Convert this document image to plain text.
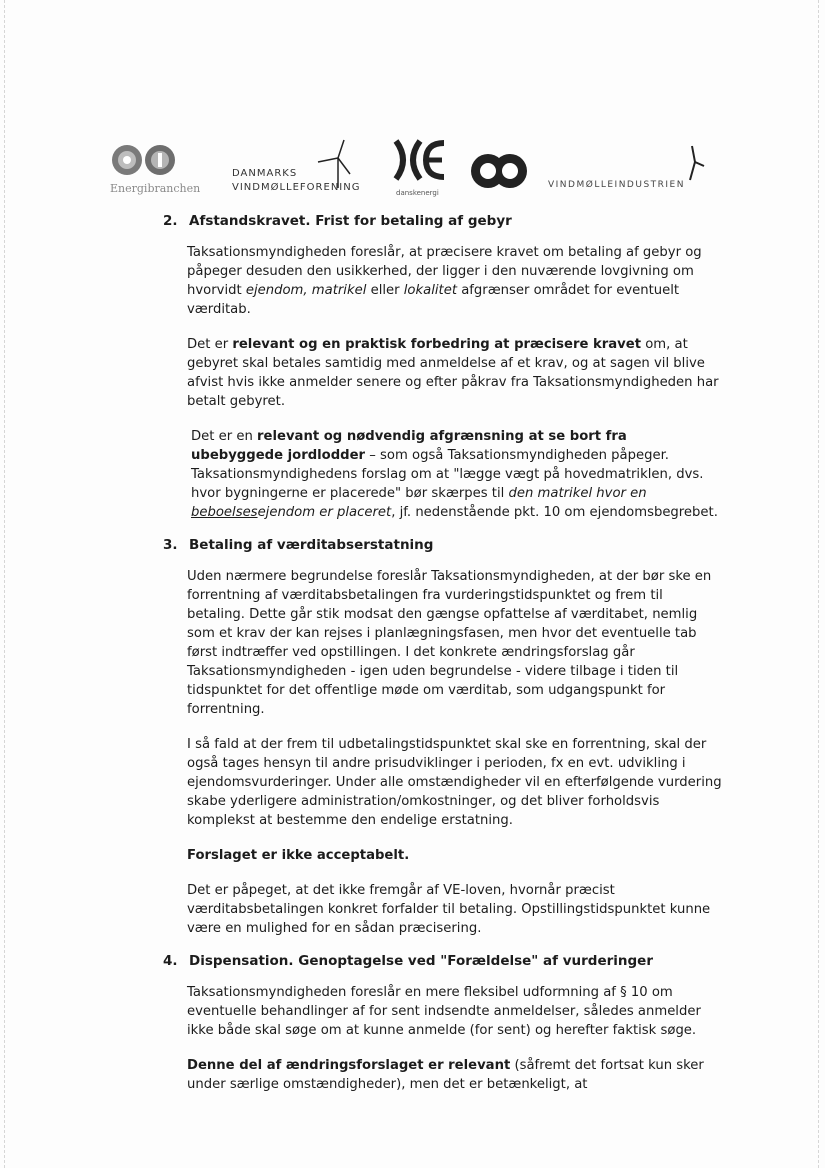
Energibranchen
DANMARKS
VINDMØLLEFORENING	danskenergi
VINDMØLLEINDUSTRIEN
2. Afstandskravet. Frist for betaling af gebyr

Taksationsmyndigheden foreslår, at præcisere kravet om betaling af gebyr og påpeger desuden den usikkerhed, der ligger i den nuværende lovgivning om hvorvidt ejendom, matrikel eller lokalitet afgrænser området for eventuelt værditab.

Det er relevant og en praktisk forbedring at præcisere kravet om, at gebyret skal betales samtidig med anmeldelse af et krav, og at sagen vil blive afvist hvis ikke anmelder senere og efter påkrav fra Taksationsmyndigheden har betalt gebyret.

Det er en relevant og nødvendig afgrænsning at se bort fra ubebyggede jordlodder – som også Taksationsmyndigheden påpeger. Taksationsmyndighedens forslag om at "lægge vægt på hovedmatriklen, dvs. hvor bygningerne er placerede" bør skærpes til den matrikel hvor en beboelsesejendom er placeret, jf. nedenstående pkt. 10 om ejendomsbegrebet.

3. Betaling af værditabserstatning

Uden nærmere begrundelse foreslår Taksationsmyndigheden, at der bør ske en forrentning af værditabsbetalingen fra vurderingstidspunktet og frem til betaling. Dette går stik modsat den gængse opfattelse af værditabet, nemlig som et krav der kan rejses i planlægningsfasen, men hvor det eventuelle tab først indtræffer ved opstillingen. I det konkrete ændringsforslag går Taksationsmyndigheden - igen uden begrundelse - videre tilbage i tiden til tidspunktet for det offentlige møde om værditab, som udgangspunkt for forrentning.

I så fald at der frem til udbetalingstidspunktet skal ske en forrentning, skal der også tages hensyn til andre prisudviklinger i perioden, fx en evt. udvikling i ejendomsvurderinger. Under alle omstændigheder vil en efterfølgende vurdering skabe yderligere administration/omkostninger, og det bliver forholdsvis komplekst at bestemme den endelige erstatning.

Forslaget er ikke acceptabelt.

Det er påpeget, at det ikke fremgår af VE-loven, hvornår præcist værditabsbetalingen konkret forfalder til betaling. Opstillingstidspunktet kunne være en mulighed for en sådan præcisering.

4. Dispensation. Genoptagelse ved "Forældelse" af vurderinger

Taksationsmyndigheden foreslår en mere fleksibel udformning af § 10 om eventuelle behandlinger af for sent indsendte anmeldelser, således anmelder ikke både skal søge om at kunne anmelde (for sent) og herefter faktisk søge.

Denne del af ændringsforslaget er relevant (såfremt det fortsat kun sker under særlige omstændigheder), men det er betænkeligt, at
